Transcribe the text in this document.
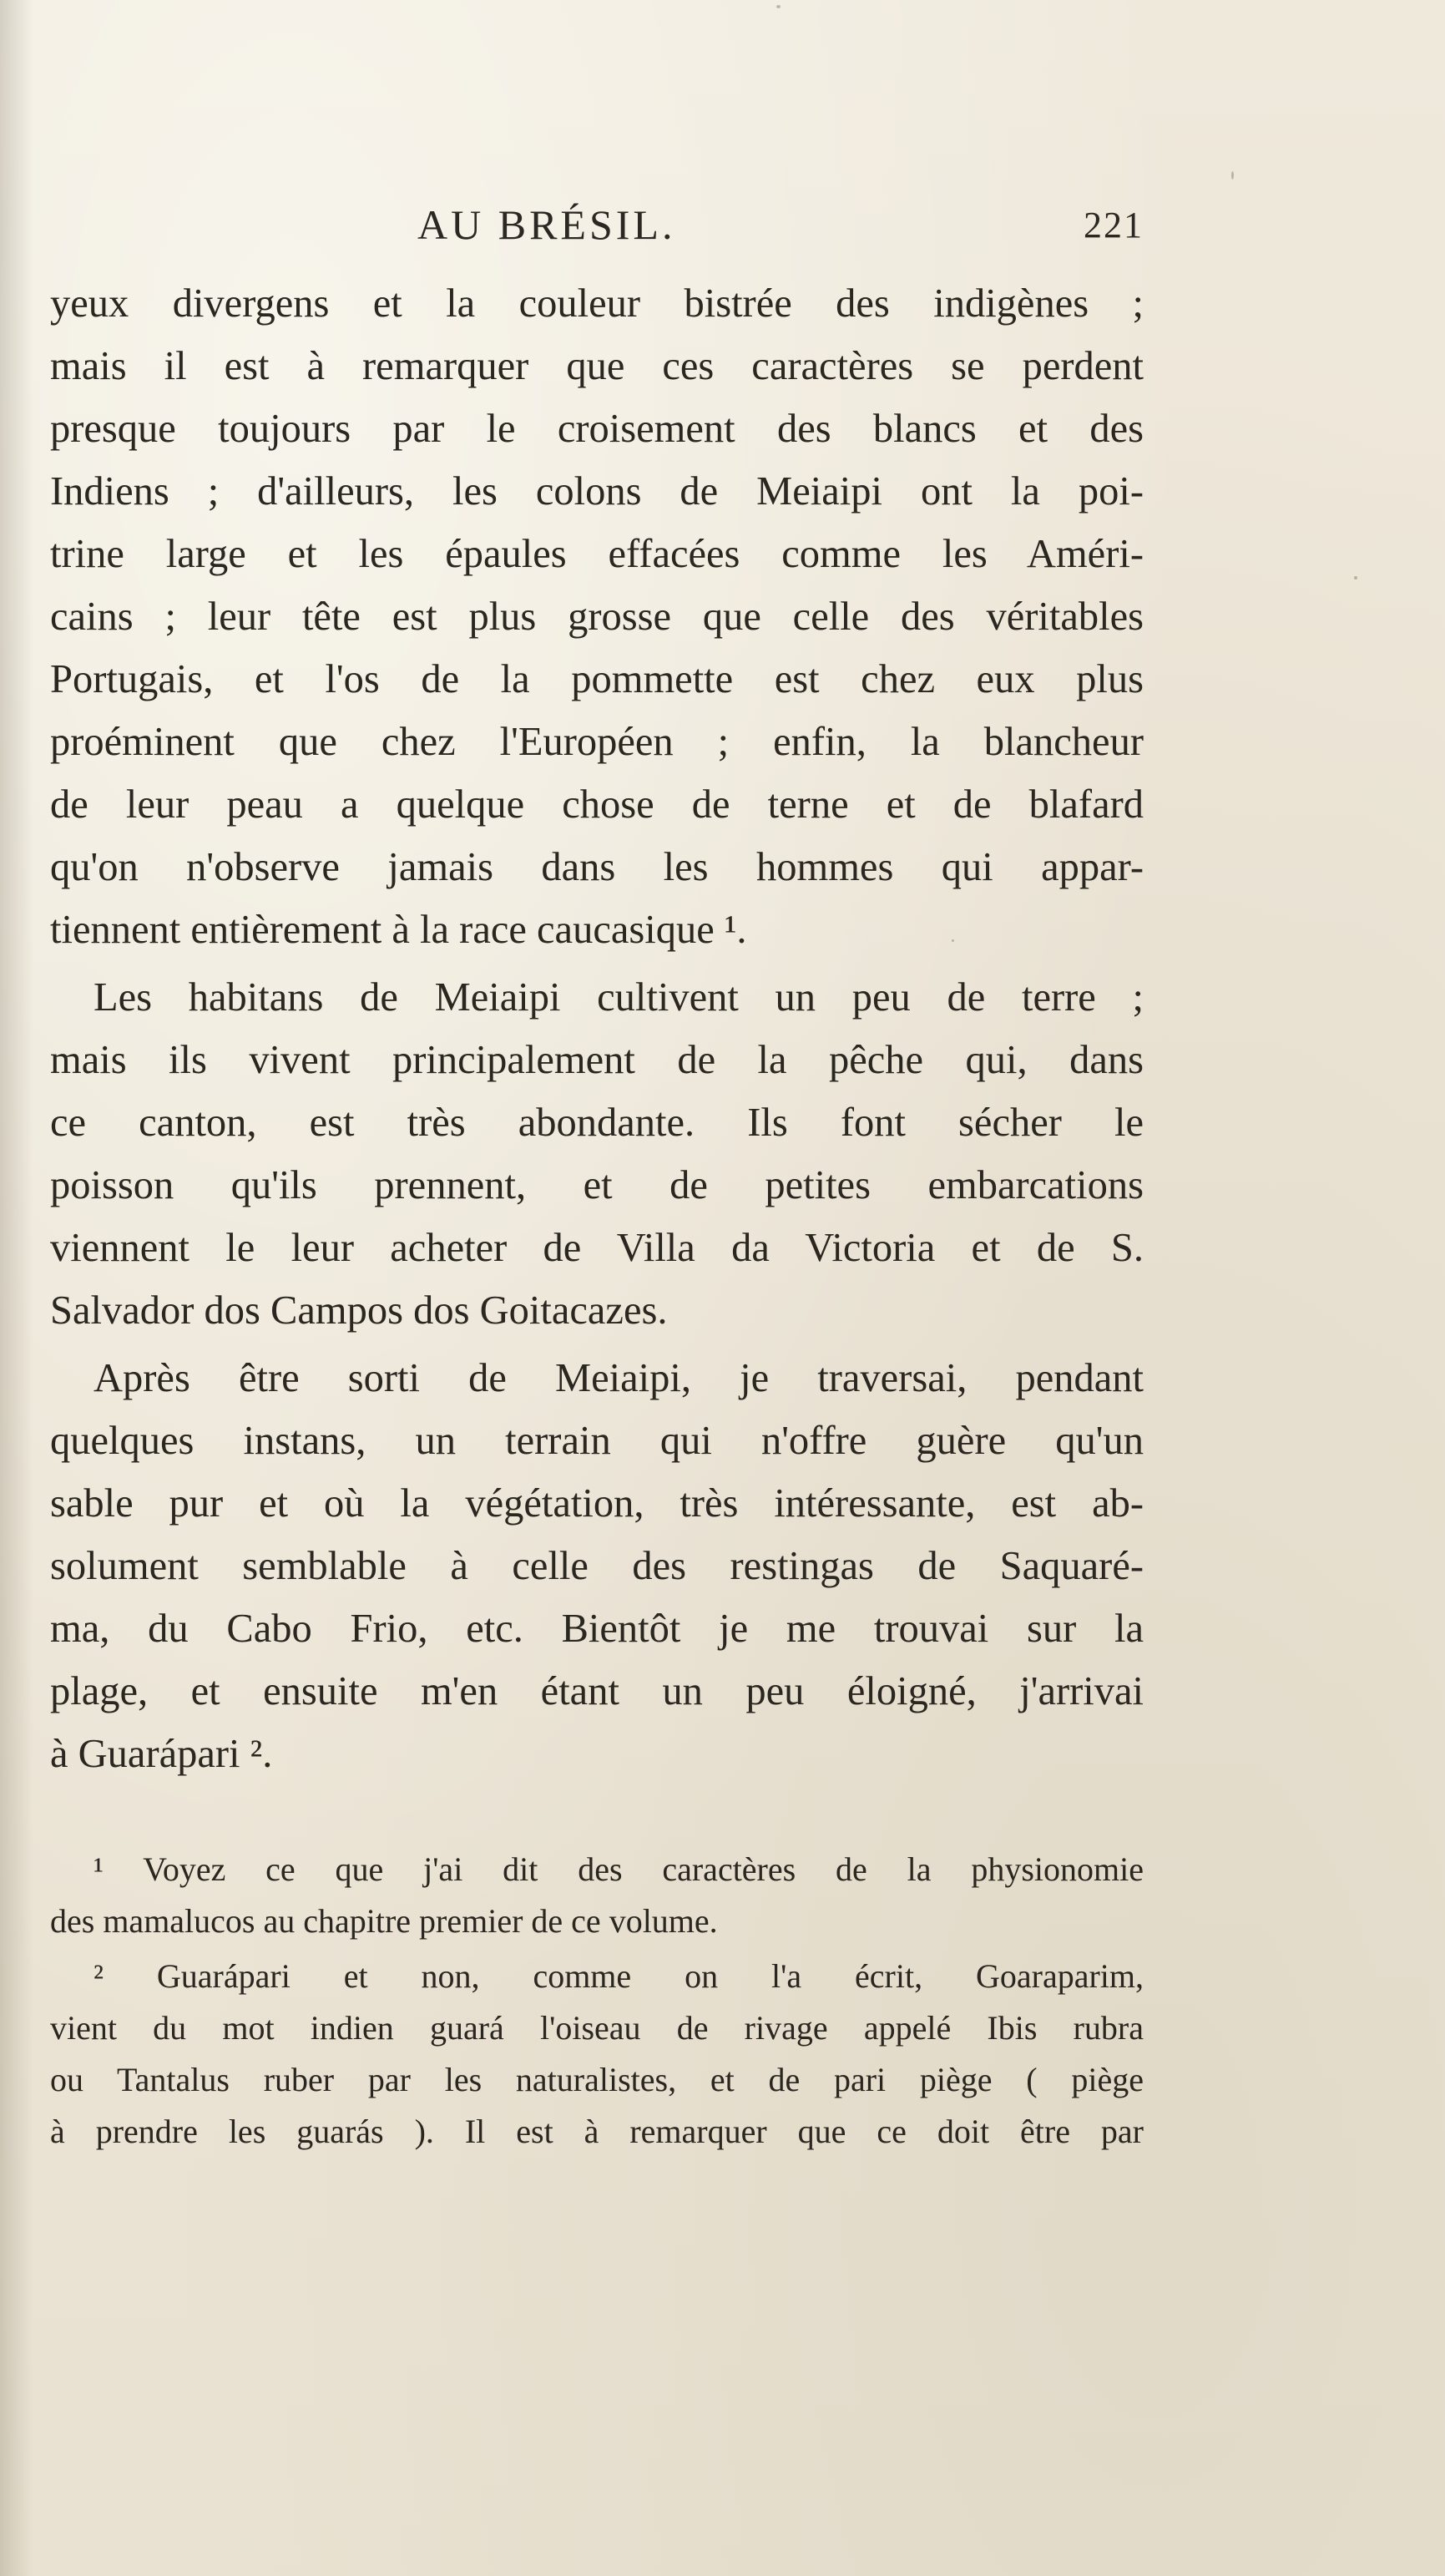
AU BRÉSIL.	221
yeux divergens et la couleur bistrée des indigènes ;
mais il est à remarquer que ces caractères se perdent
presque toujours par le croisement des blancs et des
Indiens ; d'ailleurs, les colons de Meiaipi ont la poi-
trine large et les épaules effacées comme les Améri-
cains ; leur tête est plus grosse que celle des véritables
Portugais, et l'os de la pommette est chez eux plus
proéminent que chez l'Européen ; enfin, la blancheur
de leur peau a quelque chose de terne et de blafard
qu'on n'observe jamais dans les hommes qui appar-
tiennent entièrement à la race caucasique ¹.
Les habitans de Meiaipi cultivent un peu de terre ;
mais ils vivent principalement de la pêche qui, dans
ce canton, est très abondante. Ils font sécher le
poisson qu'ils prennent, et de petites embarcations
viennent le leur acheter de Villa da Victoria et de S.
Salvador dos Campos dos Goitacazes.
Après être sorti de Meiaipi, je traversai, pendant
quelques instans, un terrain qui n'offre guère qu'un
sable pur et où la végétation, très intéressante, est ab-
solument semblable à celle des restingas de Saquaré-
ma, du Cabo Frio, etc. Bientôt je me trouvai sur la
plage, et ensuite m'en étant un peu éloigné, j'arrivai
à Guarápari ².
¹ Voyez ce que j'ai dit des caractères de la physionomie
des mamalucos au chapitre premier de ce volume.
² Guarápari et non, comme on l'a écrit, Goaraparim,
vient du mot indien guará l'oiseau de rivage appelé Ibis rubra
ou Tantalus ruber par les naturalistes, et de pari piège ( piège
à prendre les guarás ). Il est à remarquer que ce doit être par
